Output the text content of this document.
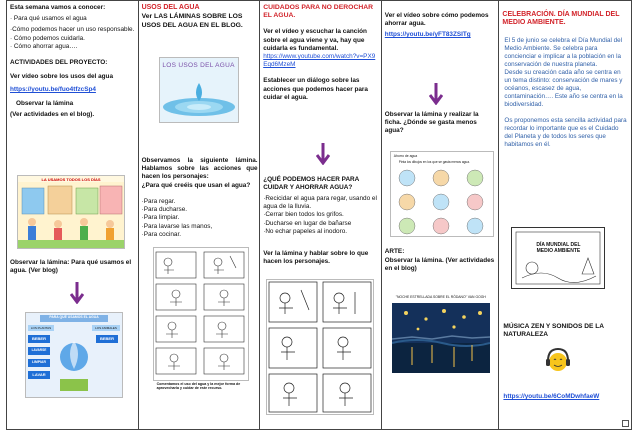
Esta semana vamos a conocer:

· Para qué usamos el agua

·Cómo podemos hacer un uso responsable.

· Cómo podemos cuidarla.

· Cómo ahorrar agua….

ACTIVIDADES DEL PROYECTO:

Ver vídeo sobre los usos del agua

https://youtu.be/fuo4tfzcSp4

Observar la lámina

(Ver actividades en el blog).

LA USAMOS TODOS LOS DÍAS

Observar la lámina: Para qué usamos el agua. (Ver blog)

PARA QUÉ USAMOS EL AGUA
LOS PLANTAS	LOS ANIMALES
BEBER
LAVARSE
BEBER
LIMPIAR
LAVAR

USOS DEL AGUA

Ver LAS LÁMINAS SOBRE LOS USOS DEL AGUA EN EL BLOG.

LOS USOS DEL AGUA

Observamos la siguiente lámina. Hablamos sobre las acciones que hacen los personajes:

¿Para qué creéis que usan el agua?

·Para regar.

·Para ducharse.

·Para limpiar.

·Para lavarse las manos,

·Para cocinar.

Comentamos el uso del agua y la mejor forma de aprovecharla y cuidar de este recurso.

CUIDADOS PARA NO DEROCHAR EL AGUA.

Ver el vídeo y escuchar la canción sobre el agua viene y va, hay que cuidarla es fundamental.

https://www.youtube.com/watch?v=PX9Eqd6MzeM

Establecer un diálogo sobre las acciones que podemos hacer para cuidar el agua.

¿QUÉ PODEMOS HACER PARA CUIDAR Y AHORRAR AGUA?

·Recicidar el agua para regar, usando el agua de la lluvia.

·Cerrar bien todos los grifos.

·Ducharse en lugar de bañarse

·No echar papeles al inodoro.

Ver la lámina y hablar sobre lo que hacen los personajes.

Ver el vídeo sobre cómo podemos ahorrar agua.

https://youtu.be/yFT83ZSITg

Observar la lámina y realizar la ficha. ¿Dónde se gasta menos agua?

Ahorro de agua
Pinta los dibujos en los que se gasta menos agua.

ARTE:

Observar la lámina. (Ver actividades en el blog)

"NOCHE ESTRELLADA SOBRE EL RÓDANO" VAN GOGH

CELEBRACIÓN. DÍA MUNDIAL DEL MEDIO AMBIENTE.

El 5 de junio se celebra el Día Mundial del Medio Ambiente. Se celebra para concienciar e implicar a la población en la conservación de nuestra planeta.

Desde su creación cada año se centra en un tema distinto: conservación de mares y océanos, escasez de agua, contaminación…. Este año se centra en la biodiversidad.

Os proponemos esta sencilla actividad para recordar lo importante que es el Cuidado del Planeta y de todos los seres que habitamos en él.

DÍA MUNDIAL DEL MEDIO AMBIENTE

MÚSICA ZEN Y SONIDOS DE LA NATURALEZA

https://youtu.be/6CoMDwhfaeW
